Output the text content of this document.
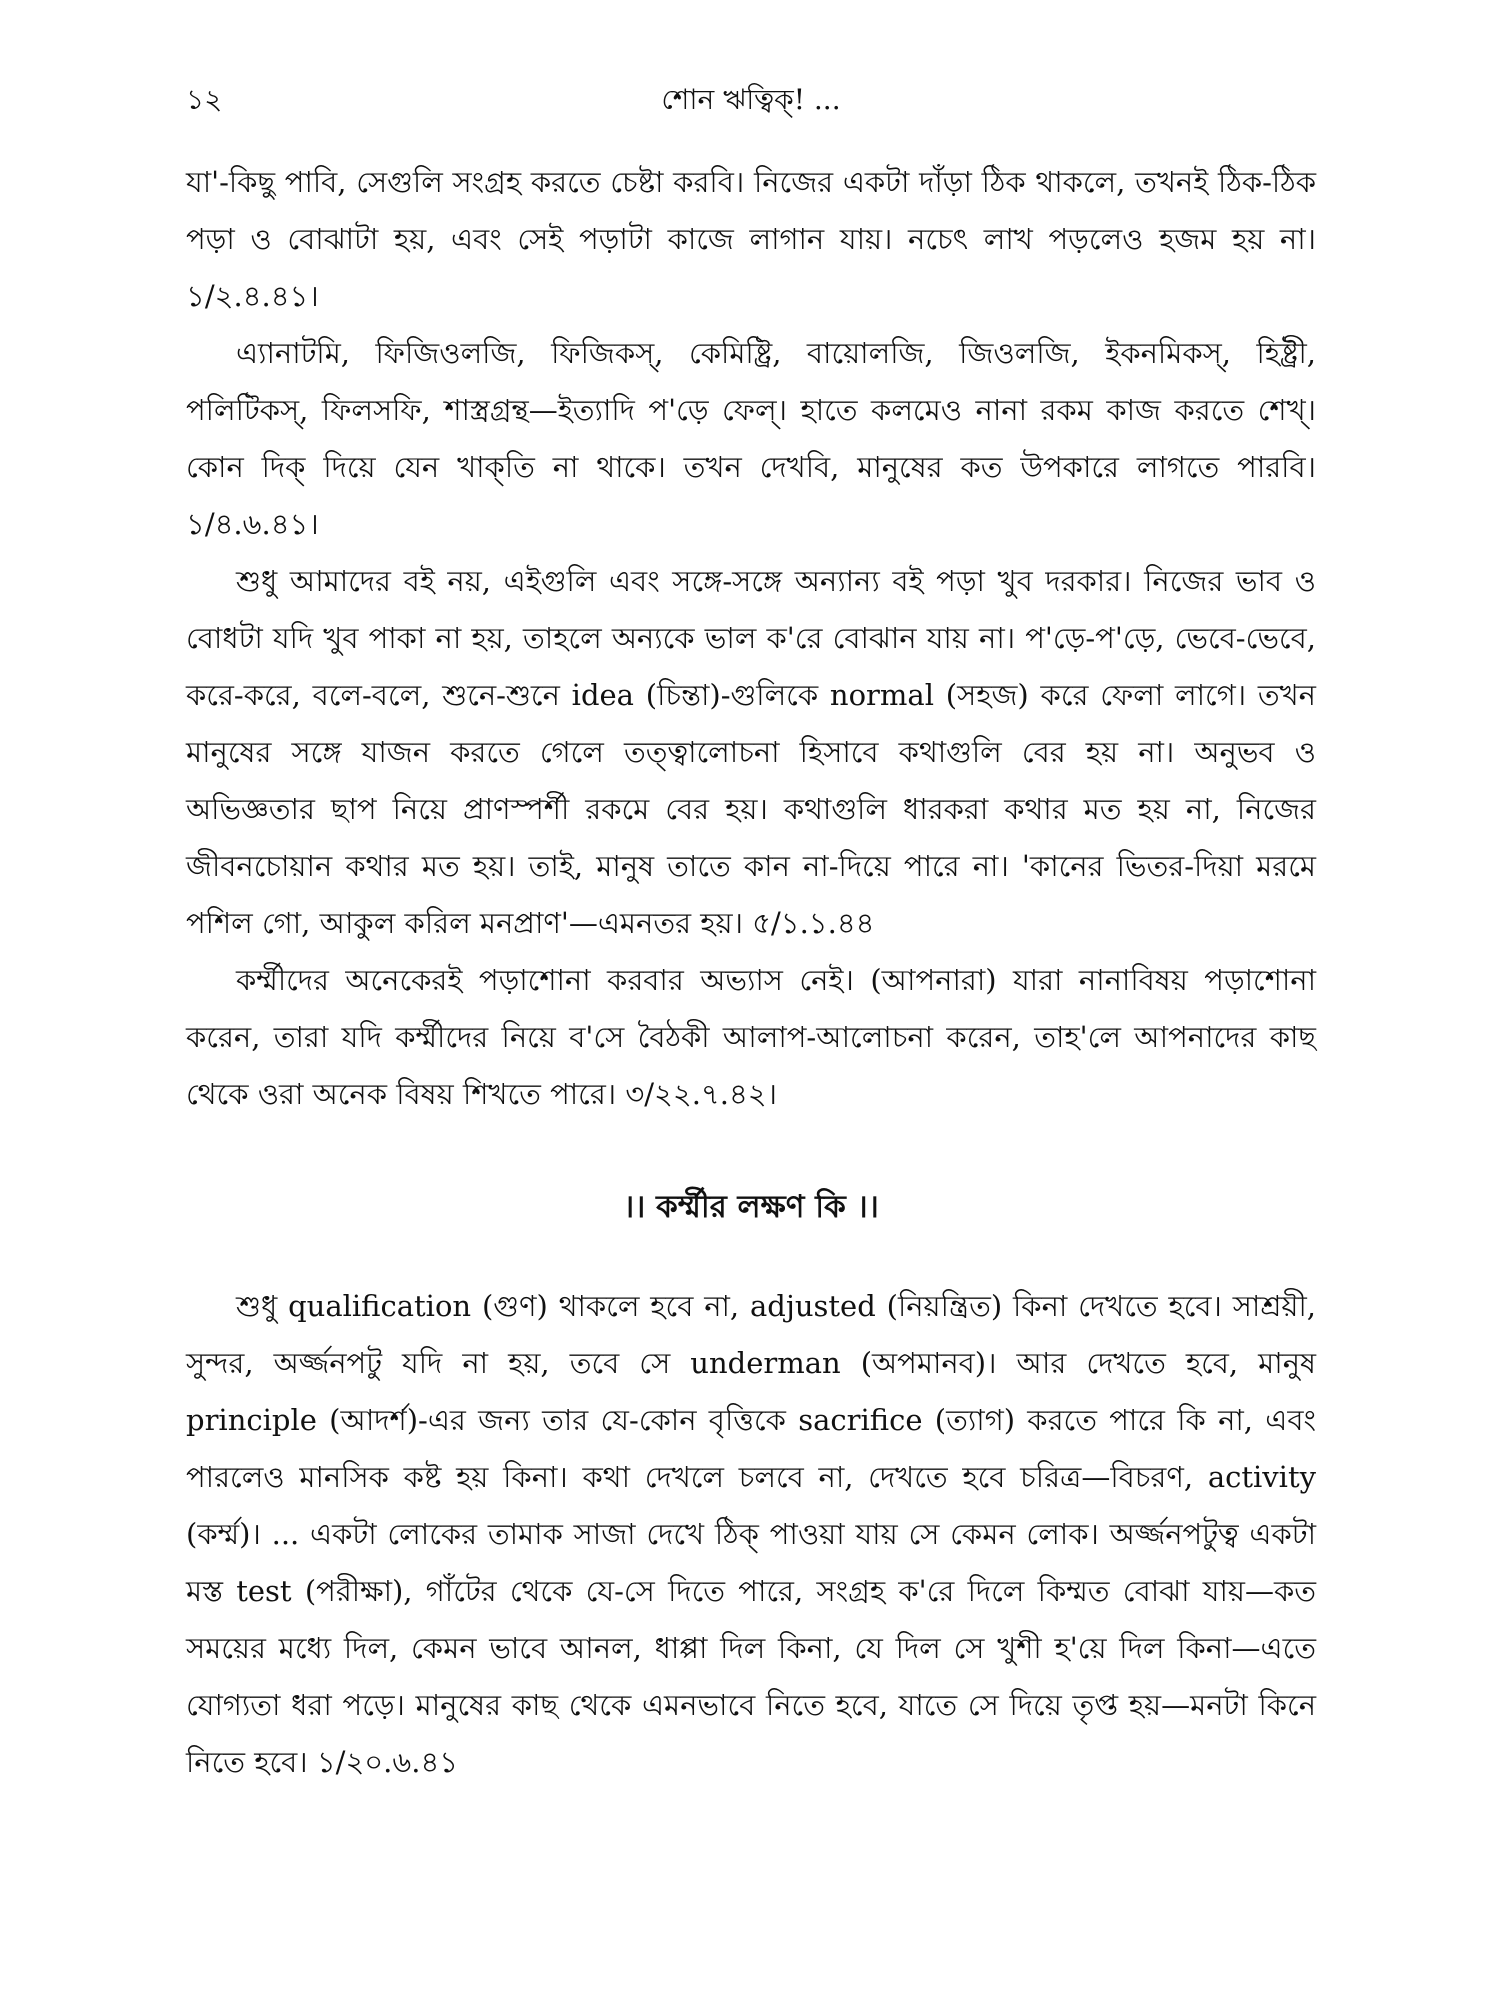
১২	শোন ঋত্বিক্! ...

যা'-কিছু পাবি, সেগুলি সংগ্রহ করতে চেষ্টা করবি। নিজের একটা দাঁড়া ঠিক থাকলে, তখনই ঠিক-ঠিক পড়া ও বোঝাটা হয়, এবং সেই পড়াটা কাজে লাগান যায়। নচেৎ লাখ পড়লেও হজম হয় না। ১/২.৪.৪১।

এ্যানাটমি, ফিজিওলজি, ফিজিকস্, কেমিষ্ট্রি, বায়োলজি, জিওলজি, ইকনমিকস্, হিষ্ট্রী, পলিটিকস্, ফিলসফি, শাস্ত্রগ্রন্থ—ইত্যাদি প'ড়ে ফেল্। হাতে কলমেও নানা রকম কাজ করতে শেখ্। কোন দিক্ দিয়ে যেন খাক্‌তি না থাকে। তখন দেখবি, মানুষের কত উপকারে লাগতে পারবি। ১/৪.৬.৪১।

শুধু আমাদের বই নয়, এইগুলি এবং সঙ্গে-সঙ্গে অন্যান্য বই পড়া খুব দরকার। নিজের ভাব ও বোধটা যদি খুব পাকা না হয়, তাহলে অন্যকে ভাল ক'রে বোঝান যায় না। প'ড়ে-প'ড়ে, ভেবে-ভেবে, করে-করে, বলে-বলে, শুনে-শুনে idea (চিন্তা)-গুলিকে normal (সহজ) করে ফেলা লাগে। তখন মানুষের সঙ্গে যাজন করতে গেলে তত্ত্বালোচনা হিসাবে কথাগুলি বের হয় না। অনুভব ও অভিজ্ঞতার ছাপ নিয়ে প্রাণস্পর্শী রকমে বের হয়। কথাগুলি ধারকরা কথার মত হয় না, নিজের জীবনচোয়ান কথার মত হয়। তাই, মানুষ তাতে কান না-দিয়ে পারে না। 'কানের ভিতর-দিয়া মরমে পশিল গো, আকুল করিল মনপ্রাণ'—এমনতর হয়। ৫/১.১.৪৪

কর্ম্মীদের অনেকেরই পড়াশোনা করবার অভ্যাস নেই। (আপনারা) যারা নানাবিষয় পড়াশোনা করেন, তারা যদি কর্ম্মীদের নিয়ে ব'সে বৈঠকী আলাপ-আলোচনা করেন, তাহ'লে আপনাদের কাছ থেকে ওরা অনেক বিষয় শিখতে পারে। ৩/২২.৭.৪২।

।। কর্ম্মীর লক্ষণ কি ।।

শুধু qualification (গুণ) থাকলে হবে না, adjusted (নিয়ন্ত্রিত) কিনা দেখতে হবে। সাশ্রয়ী, সুন্দর, অর্জ্জনপটু যদি না হয়, তবে সে underman (অপমানব)। আর দেখতে হবে, মানুষ principle (আদর্শ)-এর জন্য তার যে-কোন বৃত্তিকে sacrifice (ত্যাগ) করতে পারে কি না, এবং পারলেও মানসিক কষ্ট হয় কিনা। কথা দেখলে চলবে না, দেখতে হবে চরিত্র—বিচরণ, activity (কর্ম্ম)। ... একটা লোকের তামাক সাজা দেখে ঠিক্ পাওয়া যায় সে কেমন লোক। অর্জ্জনপটুত্ব একটা মস্ত test (পরীক্ষা), গাঁটের থেকে যে-সে দিতে পারে, সংগ্রহ ক'রে দিলে কিম্মত বোঝা যায়—কত সময়ের মধ্যে দিল, কেমন ভাবে আনল, ধাপ্পা দিল কিনা, যে দিল সে খুশী হ'য়ে দিল কিনা—এতে যোগ্যতা ধরা পড়ে। মানুষের কাছ থেকে এমনভাবে নিতে হবে, যাতে সে দিয়ে তৃপ্ত হয়—মনটা কিনে নিতে হবে। ১/২০.৬.৪১
